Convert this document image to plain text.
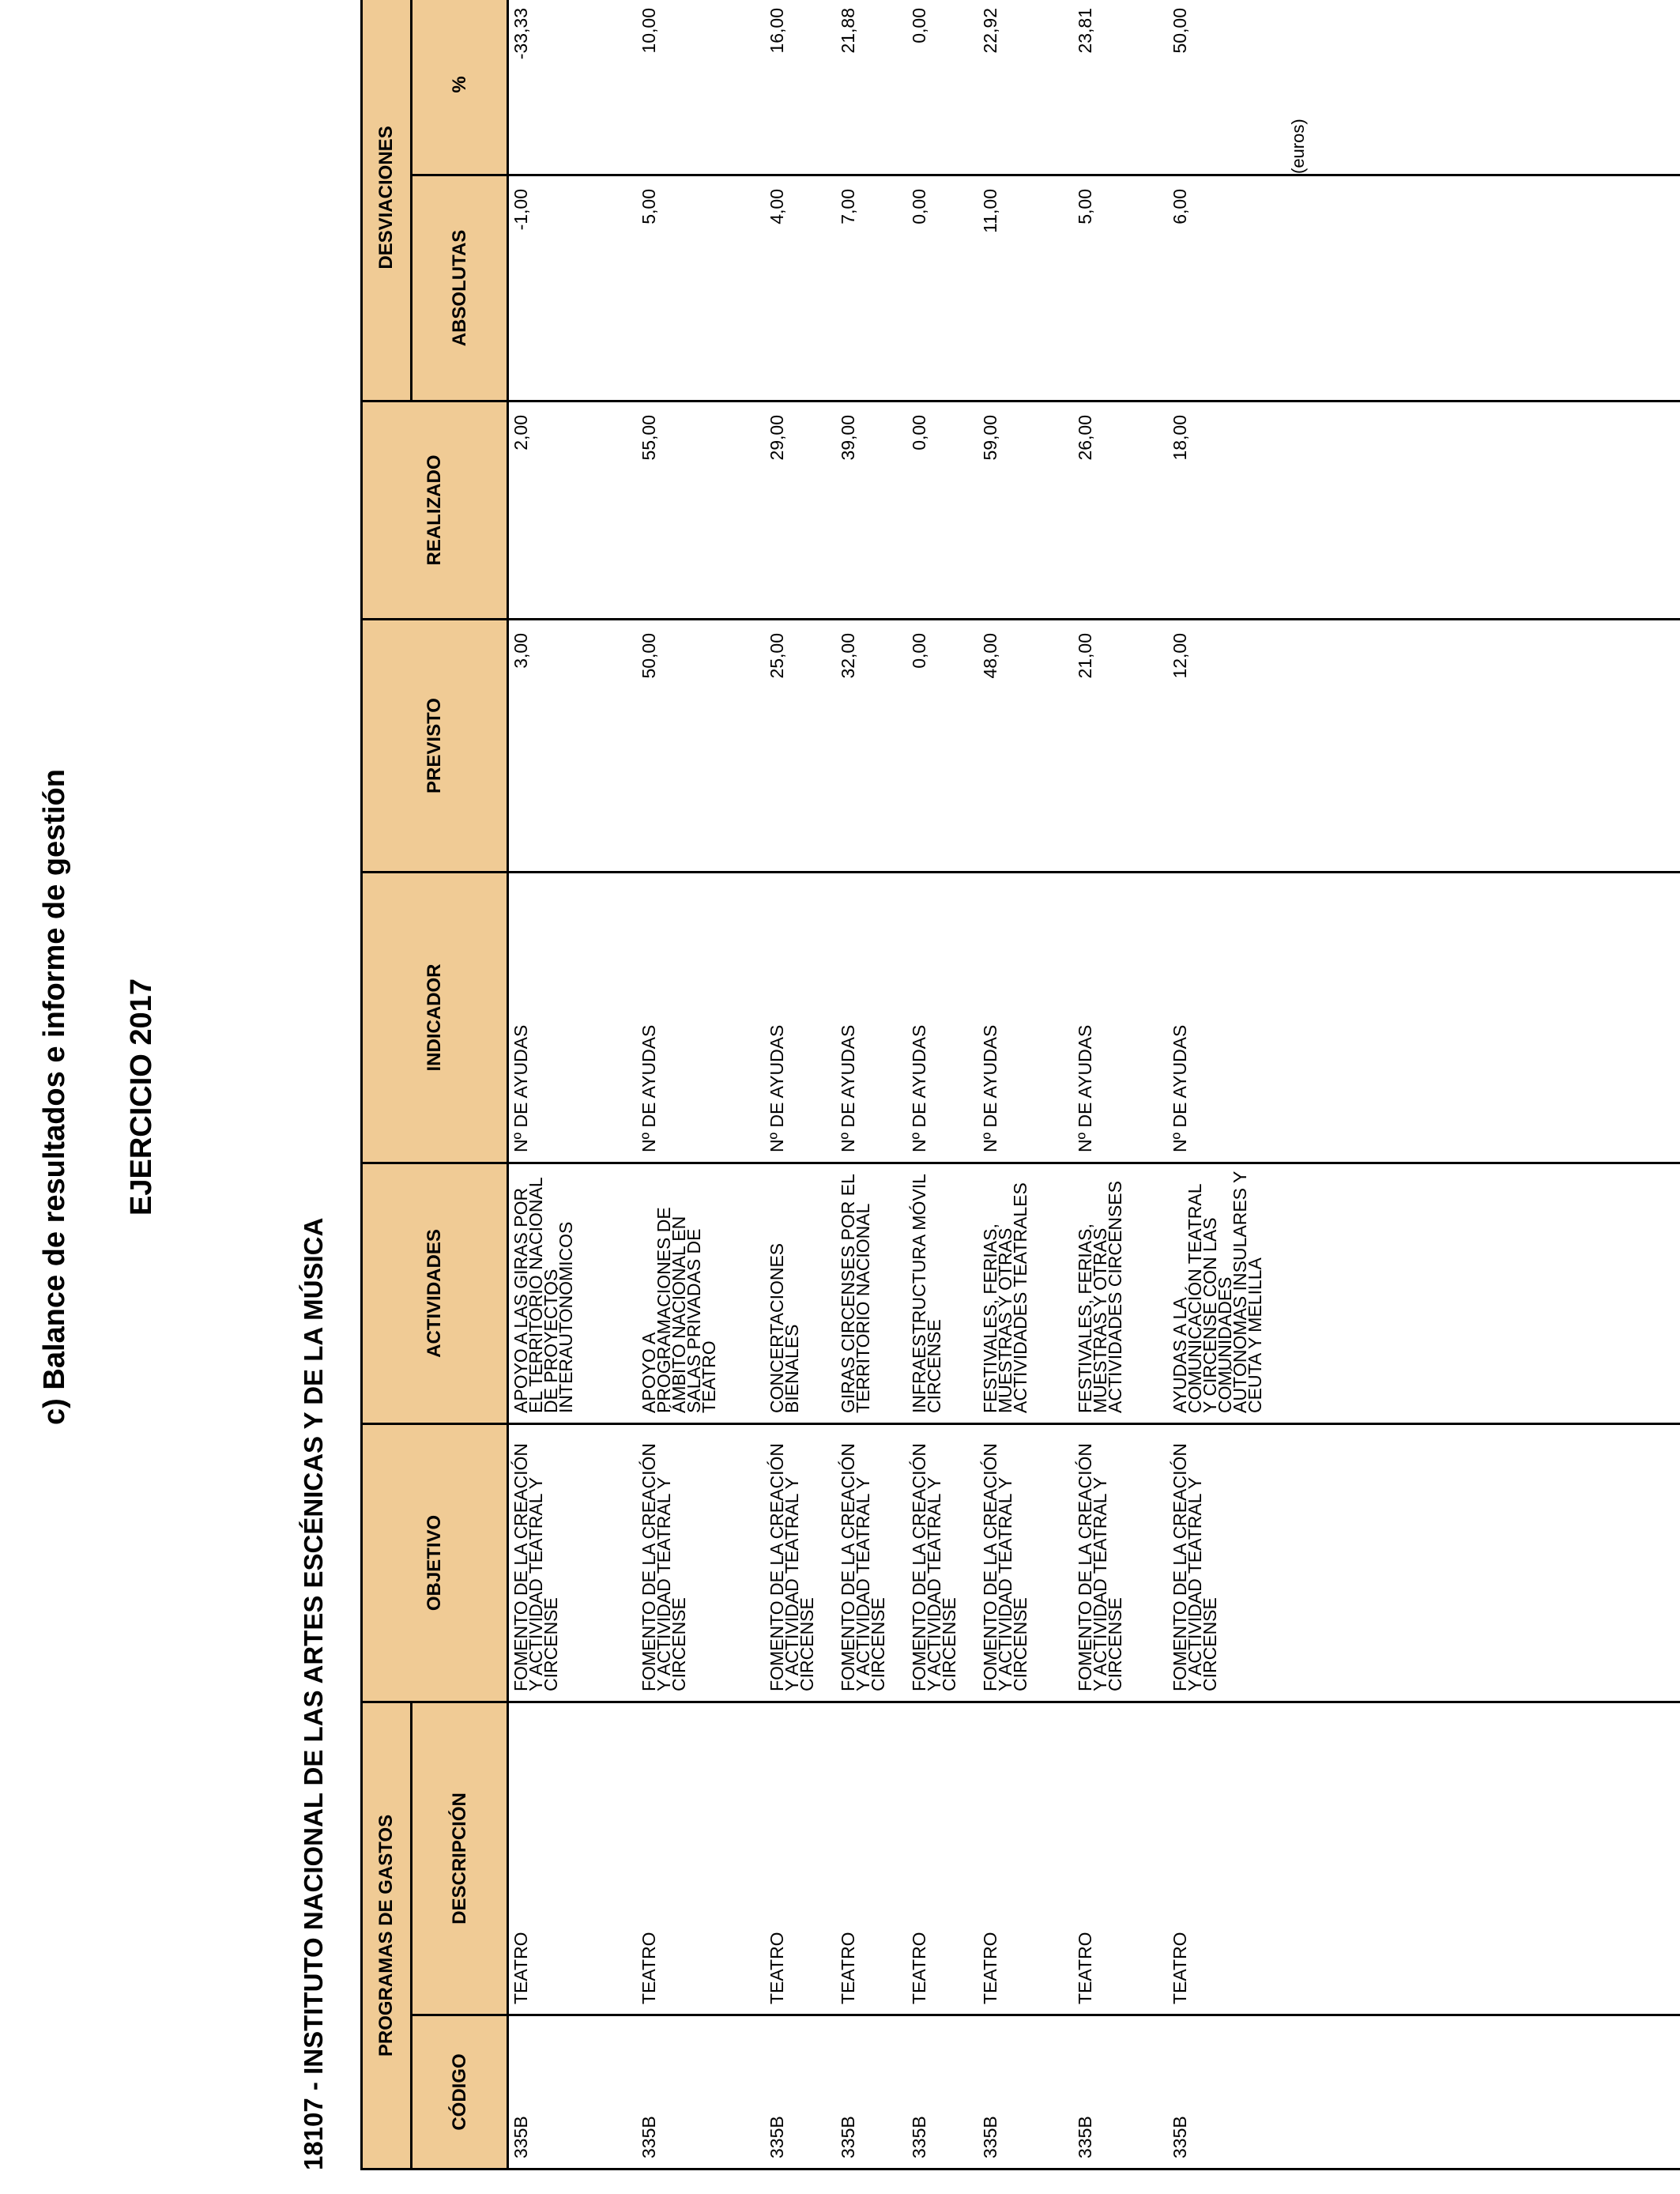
c) Balance de resultados e informe de gestión EJERCICIO 2017
18107 - INSTITUTO NACIONAL DE LAS ARTES ESCÉNICAS Y DE LA MÚSICA
(euros)
PROGRAMAS DE GASTOS		OBJETIVO	ACTIVIDADES	INDICADOR	PREVISTO	REALIZADO	DESVIACIONES	
CÓDIGO	DESCRIPCIÓN						ABSOLUTAS	%
335B	TEATRO	FOMENTO DE LA CREACIÓN Y ACTIVIDAD TEATRAL Y CIRCENSE	APOYO A LAS GIRAS POR EL TERRITORIO NACIONAL DE PROYECTOS INTERAUTONÓMICOS	Nº DE AYUDAS	3,00	2,00	-1,00	-33,33
335B	TEATRO	FOMENTO DE LA CREACIÓN Y ACTIVIDAD TEATRAL Y CIRCENSE	APOYO A PROGRAMACIONES DE ÁMBITO NACIONAL EN SALAS PRIVADAS DE TEATRO	Nº DE AYUDAS	50,00	55,00	5,00	10,00
335B	TEATRO	FOMENTO DE LA CREACIÓN Y ACTIVIDAD TEATRAL Y CIRCENSE	CONCERTACIONES BIENALES	Nº DE AYUDAS	25,00	29,00	4,00	16,00
335B	TEATRO	FOMENTO DE LA CREACIÓN Y ACTIVIDAD TEATRAL Y CIRCENSE	GIRAS CIRCENSES POR EL TERRITORIO NACIONAL	Nº DE AYUDAS	32,00	39,00	7,00	21,88
335B	TEATRO	FOMENTO DE LA CREACIÓN Y ACTIVIDAD TEATRAL Y CIRCENSE	INFRAESTRUCTURA MÓVIL CIRCENSE	Nº DE AYUDAS	0,00	0,00	0,00	0,00
335B	TEATRO	FOMENTO DE LA CREACIÓN Y ACTIVIDAD TEATRAL Y CIRCENSE	FESTIVALES, FERIAS, MUESTRAS Y OTRAS ACTIVIDADES TEATRALES	Nº DE AYUDAS	48,00	59,00	11,00	22,92
335B	TEATRO	FOMENTO DE LA CREACIÓN Y ACTIVIDAD TEATRAL Y CIRCENSE	FESTIVALES, FERIAS, MUESTRAS Y OTRAS ACTIVIDADES CIRCENSES	Nº DE AYUDAS	21,00	26,00	5,00	23,81
335B	TEATRO	FOMENTO DE LA CREACIÓN Y ACTIVIDAD TEATRAL Y CIRCENSE	AYUDAS A LA COMUNICACIÓN TEATRAL Y CIRCENSE CON LAS COMUNIDADES AUTÓNOMAS INSULARES Y CEUTA Y MELILLA	Nº DE AYUDAS	12,00	18,00	6,00	50,00
